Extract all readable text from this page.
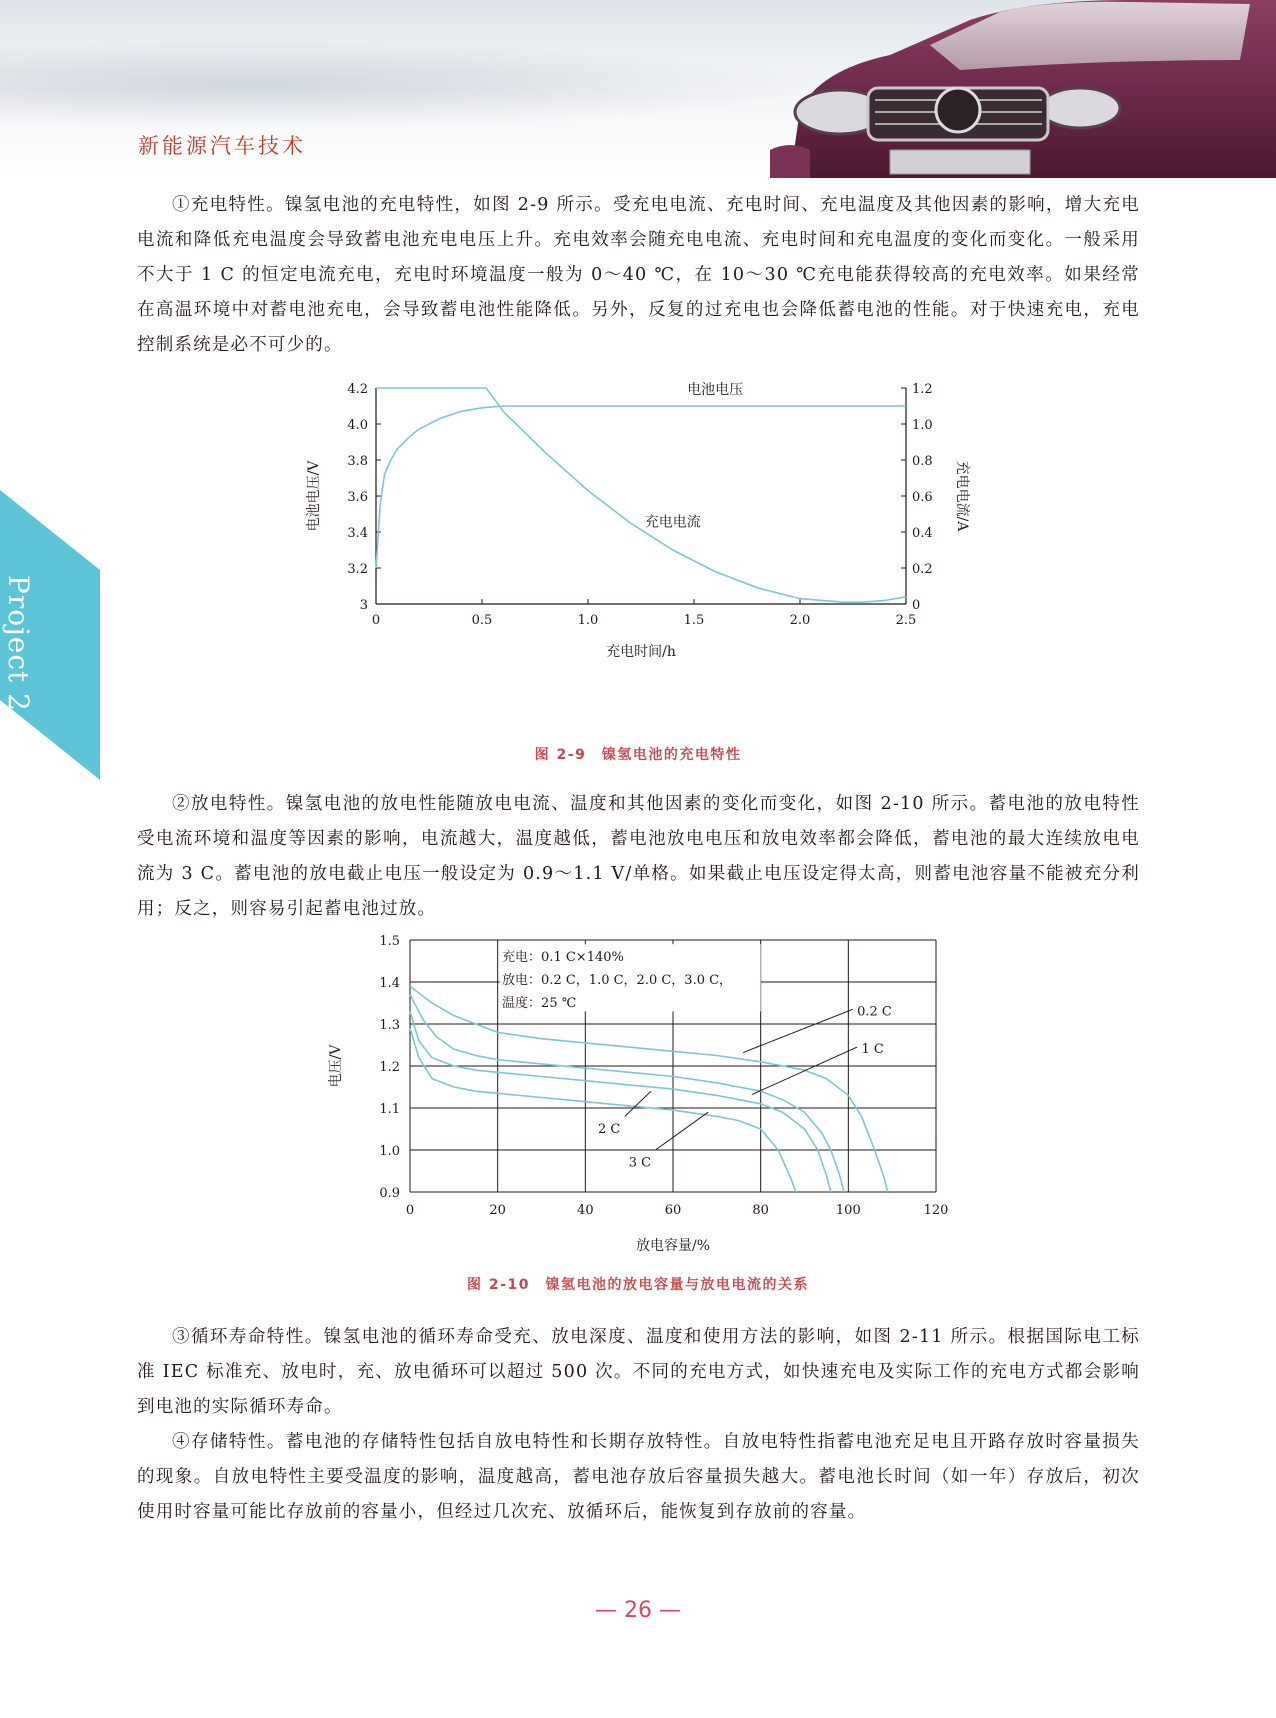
新能源汽车技术
Project 2

①充电特性。镍氢电池的充电特性，如图 2-9 所示。受充电电流、充电时间、充电温度及其他因素的影响，增大充电电流和降低充电温度会导致蓄电池充电电压上升。充电效率会随充电电流、充电时间和充电温度的变化而变化。一般采用不大于 1 C 的恒定电流充电，充电时环境温度一般为 0～40 ℃，在 10～30 ℃充电能获得较高的充电效率。如果经常在高温环境中对蓄电池充电，会导致蓄电池性能降低。另外，反复的过充电也会降低蓄电池的性能。对于快速充电，充电控制系统是必不可少的。

0	0.5	1.0	1.5	2.0	2.5
3
3.2
3.4
3.6
3.8
4.0
4.2
0
0.2
0.4
0.6
0.8
1.0
1.2
充电时间/h
电池电压/V	充电电流/A
电池电压
充电电流
图 2-9　镍氢电池的充电特性

②放电特性。镍氢电池的放电性能随放电电流、温度和其他因素的变化而变化，如图 2-10 所示。蓄电池的放电特性受电流环境和温度等因素的影响，电流越大，温度越低，蓄电池放电电压和放电效率都会降低，蓄电池的最大连续放电电流为 3 C。蓄电池的放电截止电压一般设定为 0.9～1.1 V/单格。如果截止电压设定得太高，则蓄电池容量不能被充分利用；反之，则容易引起蓄电池过放。

0	20	40	60	80	100	120
0.9
1.0
1.1
1.2
1.3
1.4
1.5
放电容量/%
电压/V
充电：0.1 C×140%
放电：0.2 C，1.0 C，2.0 C，3.0 C，
温度：25 ℃
0.2 C
1 C
2 C
3 C
图 2-10　镍氢电池的放电容量与放电电流的关系

③循环寿命特性。镍氢电池的循环寿命受充、放电深度、温度和使用方法的影响，如图 2-11 所示。根据国际电工标准 IEC 标准充、放电时，充、放电循环可以超过 500 次。不同的充电方式，如快速充电及实际工作的充电方式都会影响到电池的实际循环寿命。

④存储特性。蓄电池的存储特性包括自放电特性和长期存放特性。自放电特性指蓄电池充足电且开路存放时容量损失的现象。自放电特性主要受温度的影响，温度越高，蓄电池存放后容量损失越大。蓄电池长时间（如一年）存放后，初次使用时容量可能比存放前的容量小，但经过几次充、放循环后，能恢复到存放前的容量。

— 26 —
